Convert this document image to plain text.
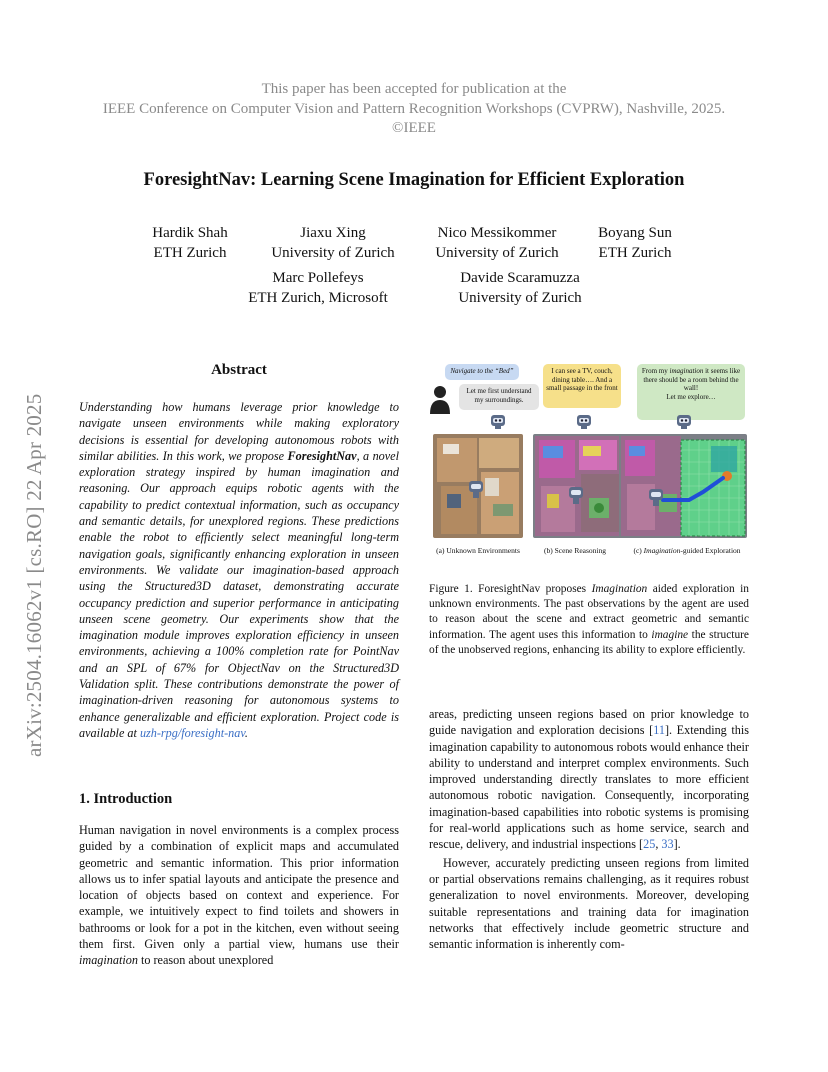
This paper has been accepted for publication at the
IEEE Conference on Computer Vision and Pattern Recognition Workshops (CVPRW), Nashville, 2025.
©IEEE
ForesightNav: Learning Scene Imagination for Efficient Exploration
Hardik Shah
ETH Zurich
Jiaxu Xing
University of Zurich
Nico Messikommer
University of Zurich
Boyang Sun
ETH Zurich
Marc Pollefeys
ETH Zurich, Microsoft
Davide Scaramuzza
University of Zurich
arXiv:2504.16062v1 [cs.RO] 22 Apr 2025
Abstract
Understanding how humans leverage prior knowledge to navigate unseen environments while making exploratory decisions is essential for developing autonomous robots with similar abilities. In this work, we propose ForesightNav, a novel exploration strategy inspired by human imagination and reasoning. Our approach equips robotic agents with the capability to predict contextual information, such as occupancy and semantic details, for unexplored regions. These predictions enable the robot to efficiently select meaningful long-term navigation goals, significantly enhancing exploration in unseen environments. We validate our imagination-based approach using the Structured3D dataset, demonstrating accurate occupancy prediction and superior performance in anticipating unseen scene geometry. Our experiments show that the imagination module improves exploration efficiency in unseen environments, achieving a 100% completion rate for PointNav and an SPL of 67% for ObjectNav on the Structured3D Validation split. These contributions demonstrate the power of imagination-driven reasoning for autonomous systems to enhance generalizable and efficient exploration. Project code is available at uzh-rpg/foresight-nav.
1. Introduction
Human navigation in novel environments is a complex process guided by a combination of explicit maps and accumulated geometric and semantic information. This prior information allows us to infer spatial layouts and anticipate the presence and location of objects based on context and experience. For example, we intuitively expect to find toilets and showers in bathrooms or look for a pot in the kitchen, even without seeing them first. Given only a partial view, humans use their imagination to reason about unexplored

areas, predicting unseen regions based on prior knowledge to guide navigation and exploration decisions [11]. Extending this imagination capability to autonomous robots would enhance their ability to understand and interpret complex environments. Such improved understanding directly translates to more efficient autonomous robotic navigation. Consequently, incorporating imagination-based capabilities into robotic systems is promising for real-world applications such as home service, search and rescue, delivery, and industrial inspections [25, 33].

However, accurately predicting unseen regions from limited or partial observations remains challenging, as it requires robust generalization to novel environments. Moreover, developing suitable representations and training data for imagination networks that effectively include geometric structure and semantic information is inherently com-

Navigate to the “Bed”
Let me first understand my surroundings.
I can see a TV, couch, dining table…. And a small passage in the front
From my imagination it seems like there should be a room behind the wall!
Let me explore…
(a) Unknown Environments	(b) Scene Reasoning	(c) Imagination-guided Exploration
Figure 1. ForesightNav proposes Imagination aided exploration in unknown environments. The past observations by the agent are used to reason about the scene and extract geometric and semantic information. The agent uses this information to imagine the structure of the unobserved regions, enhancing its ability to explore efficiently.
